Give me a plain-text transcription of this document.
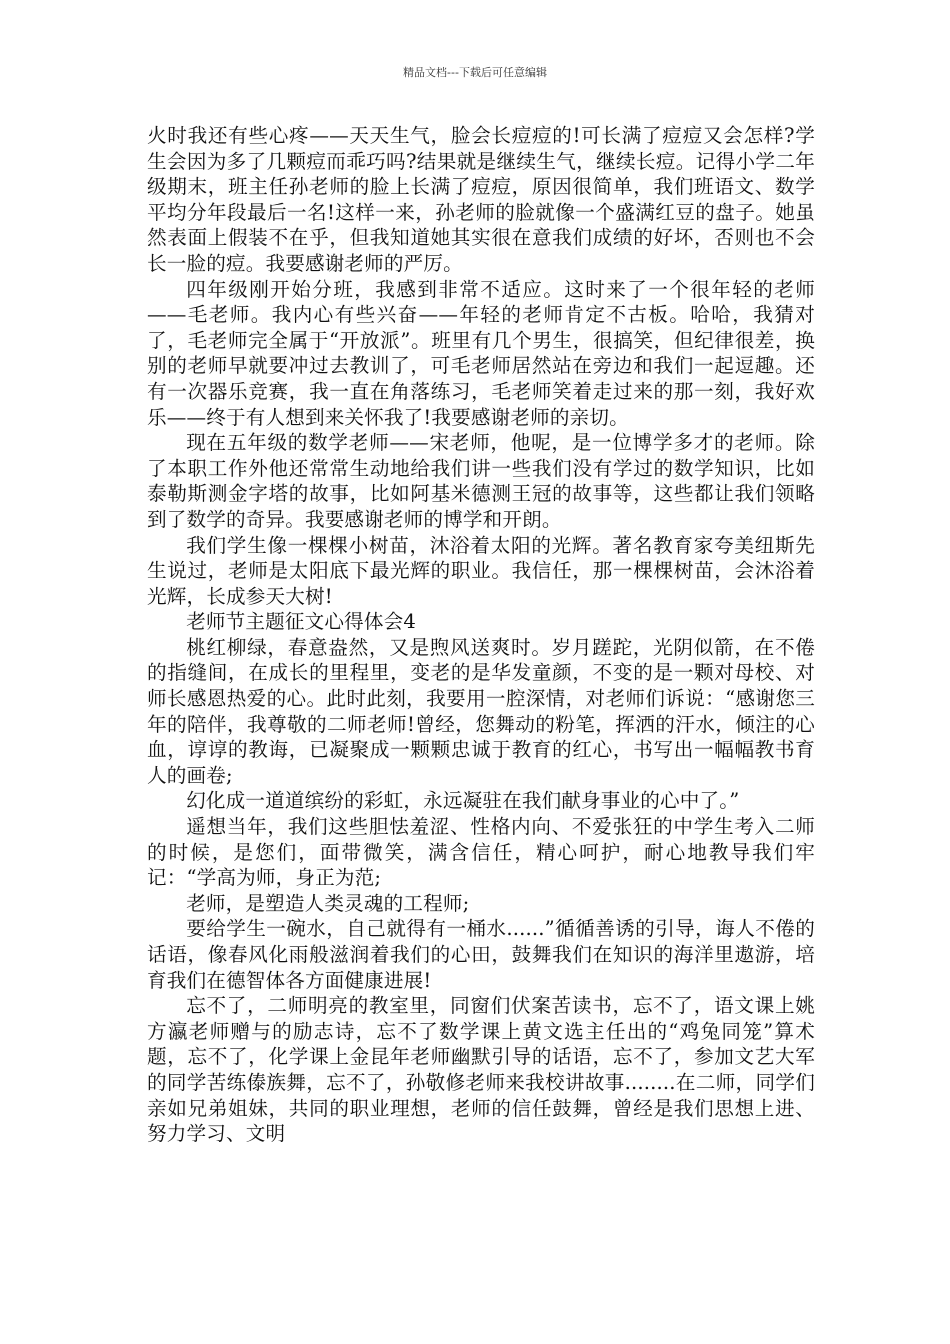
精品文档---下载后可任意编辑

火时我还有些心疼——天天生气，脸会长痘痘的!可长满了痘痘又会怎样?学生会因为多了几颗痘而乖巧吗?结果就是继续生气，继续长痘。记得小学二年级期末，班主任孙老师的脸上长满了痘痘，原因很简单，我们班语文、数学平均分年段最后一名!这样一来，孙老师的脸就像一个盛满红豆的盘子。她虽然表面上假装不在乎，但我知道她其实很在意我们成绩的好坏，否则也不会长一脸的痘。我要感谢老师的严厉。

四年级刚开始分班，我感到非常不适应。这时来了一个很年轻的老师——毛老师。我内心有些兴奋——年轻的老师肯定不古板。哈哈，我猜对了，毛老师完全属于“开放派”。班里有几个男生，很搞笑，但纪律很差，换别的老师早就要冲过去教训了，可毛老师居然站在旁边和我们一起逗趣。还有一次器乐竞赛，我一直在角落练习，毛老师笑着走过来的那一刻，我好欢乐——终于有人想到来关怀我了!我要感谢老师的亲切。

现在五年级的数学老师——宋老师，他呢，是一位博学多才的老师。除了本职工作外他还常常生动地给我们讲一些我们没有学过的数学知识，比如泰勒斯测金字塔的故事，比如阿基米德测王冠的故事等，这些都让我们领略到了数学的奇异。我要感谢老师的博学和开朗。

我们学生像一棵棵小树苗，沐浴着太阳的光辉。著名教育家夸美纽斯先生说过，老师是太阳底下最光辉的职业。我信任，那一棵棵树苗，会沐浴着光辉，长成参天大树!

老师节主题征文心得体会4

桃红柳绿，春意盎然，又是煦风送爽时。岁月蹉跎，光阴似箭，在不倦的指缝间，在成长的里程里，变老的是华发童颜，不变的是一颗对母校、对师长感恩热爱的心。此时此刻，我要用一腔深情，对老师们诉说：“感谢您三年的陪伴，我尊敬的二师老师!曾经，您舞动的粉笔，挥洒的汗水，倾注的心血，谆谆的教诲，已凝聚成一颗颗忠诚于教育的红心，书写出一幅幅教书育人的画卷;

幻化成一道道缤纷的彩虹，永远凝驻在我们献身事业的心中了。”

遥想当年，我们这些胆怯羞涩、性格内向、不爱张狂的中学生考入二师的时候，是您们，面带微笑，满含信任，精心呵护，耐心地教导我们牢记：“学高为师，身正为范;

老师，是塑造人类灵魂的工程师;

要给学生一碗水，自己就得有一桶水......”循循善诱的引导，诲人不倦的话语，像春风化雨般滋润着我们的心田，鼓舞我们在知识的海洋里遨游，培育我们在德智体各方面健康进展!

忘不了，二师明亮的教室里，同窗们伏案苦读书，忘不了，语文课上姚方瀛老师赠与的励志诗，忘不了数学课上黄文选主任出的“鸡兔同笼”算术题，忘不了，化学课上金昆年老师幽默引导的话语，忘不了，参加文艺大军的同学苦练傣族舞，忘不了，孙敬修老师来我校讲故事........在二师，同学们亲如兄弟姐妹，共同的职业理想，老师的信任鼓舞，曾经是我们思想上进、努力学习、文明
